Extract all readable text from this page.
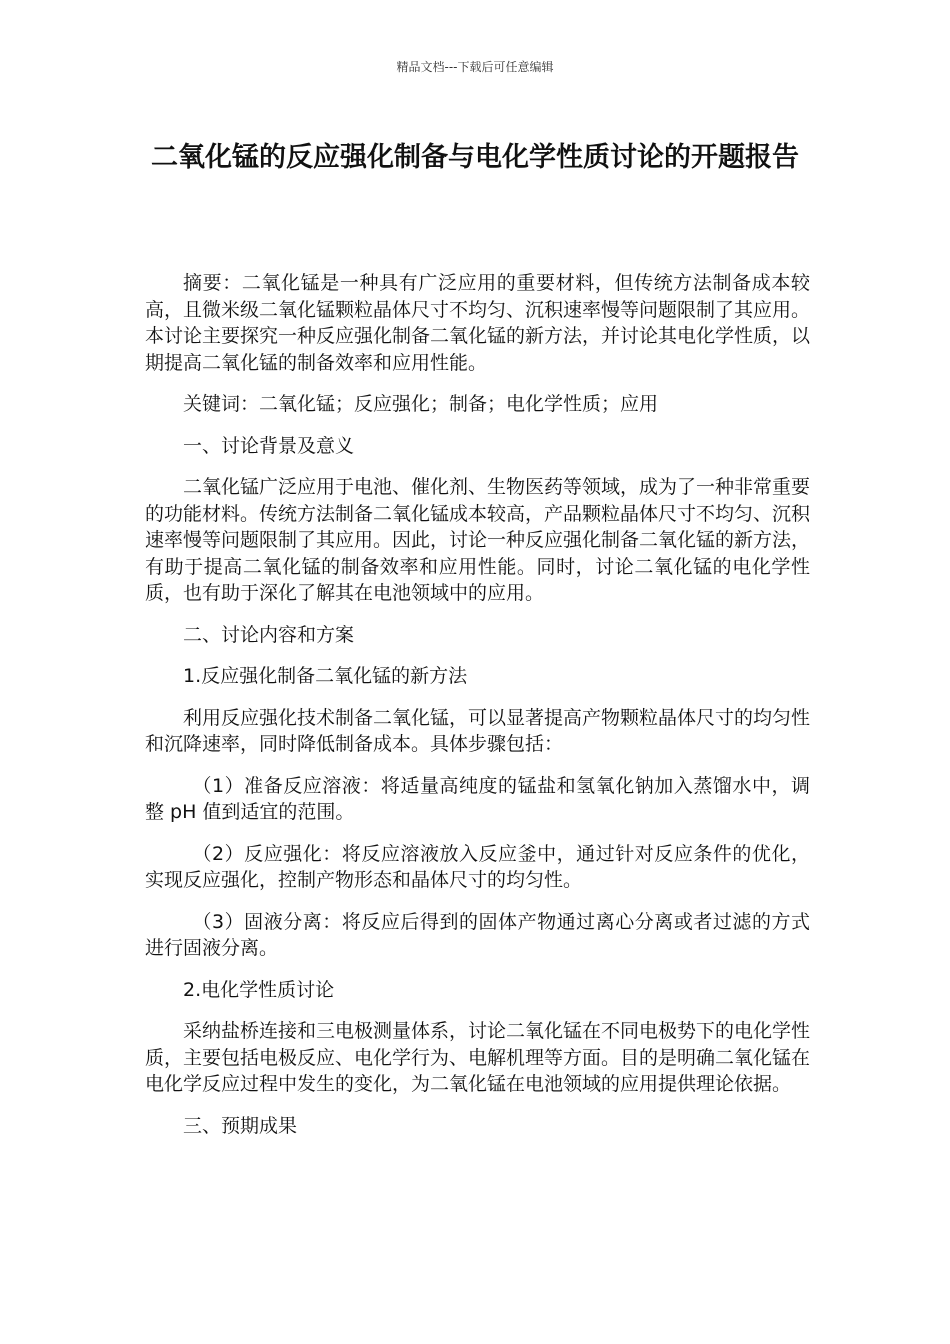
精品文档---下载后可任意编辑
二氧化锰的反应强化制备与电化学性质讨论的开题报告

摘要：二氧化锰是一种具有广泛应用的重要材料，但传统方法制备成本较高，且微米级二氧化锰颗粒晶体尺寸不均匀、沉积速率慢等问题限制了其应用。本讨论主要探究一种反应强化制备二氧化锰的新方法，并讨论其电化学性质，以期提高二氧化锰的制备效率和应用性能。

关键词：二氧化锰；反应强化；制备；电化学性质；应用

一、讨论背景及意义

二氧化锰广泛应用于电池、催化剂、生物医药等领域，成为了一种非常重要的功能材料。传统方法制备二氧化锰成本较高，产品颗粒晶体尺寸不均匀、沉积速率慢等问题限制了其应用。因此，讨论一种反应强化制备二氧化锰的新方法，有助于提高二氧化锰的制备效率和应用性能。同时，讨论二氧化锰的电化学性质，也有助于深化了解其在电池领域中的应用。

二、讨论内容和方案

1.反应强化制备二氧化锰的新方法

利用反应强化技术制备二氧化锰，可以显著提高产物颗粒晶体尺寸的均匀性和沉降速率，同时降低制备成本。具体步骤包括：

（1）准备反应溶液：将适量高纯度的锰盐和氢氧化钠加入蒸馏水中，调整 pH 值到适宜的范围。

（2）反应强化：将反应溶液放入反应釜中，通过针对反应条件的优化，实现反应强化，控制产物形态和晶体尺寸的均匀性。

（3）固液分离：将反应后得到的固体产物通过离心分离或者过滤的方式进行固液分离。

2.电化学性质讨论

采纳盐桥连接和三电极测量体系，讨论二氧化锰在不同电极势下的电化学性质，主要包括电极反应、电化学行为、电解机理等方面。目的是明确二氧化锰在电化学反应过程中发生的变化，为二氧化锰在电池领域的应用提供理论依据。

三、预期成果
